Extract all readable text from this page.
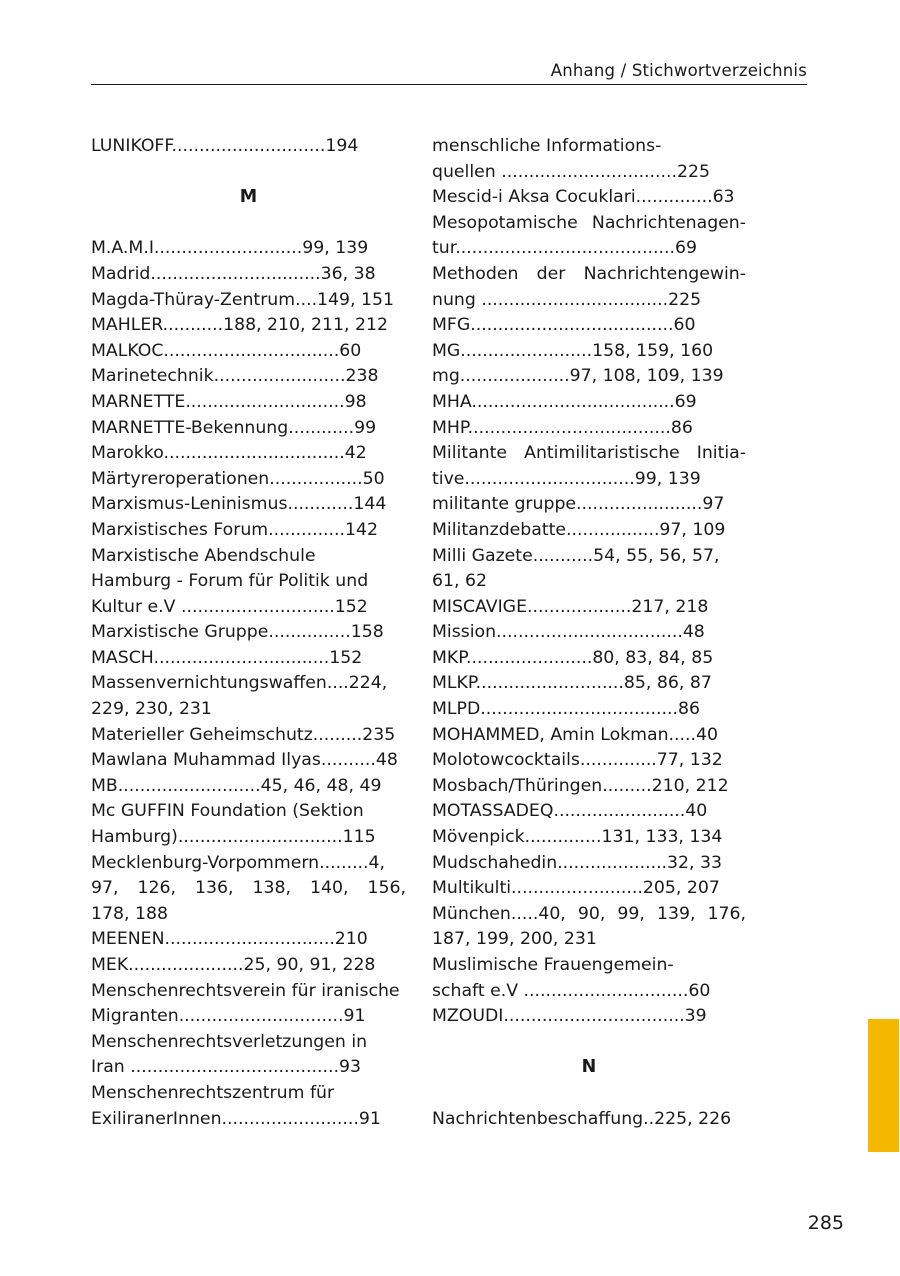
Anhang / Stichwortverzeichnis
LUNIKOFF............................194
M
M.A.M.I...........................99, 139
Madrid...............................36, 38
Magda-Thüray-Zentrum....149, 151
MAHLER...........188, 210, 211, 212
MALKOC................................60
Marinetechnik........................238
MARNETTE.............................98
MARNETTE-Bekennung............99
Marokko.................................42
Märtyreroperationen.................50
Marxismus-Leninismus............144
Marxistisches Forum..............142
Marxistische Abendschule
Hamburg - Forum für Politik und
Kultur e.V ............................152
Marxistische Gruppe...............158
MASCH................................152
Massenvernichtungswaffen....224,
229, 230, 231
Materieller Geheimschutz.........235
Mawlana Muhammad Ilyas..........48
MB..........................45, 46, 48, 49
Mc GUFFIN Foundation (Sektion
Hamburg)..............................115
Mecklenburg-Vorpommern.........4,
97, 126, 136, 138, 140, 156,
178, 188
MEENEN...............................210
MEK.....................25, 90, 91, 228
Menschenrechtsverein für iranische
Migranten..............................91
Menschenrechtsverletzungen in
Iran ......................................93
Menschenrechtszentrum für
ExiliranerInnen.........................91
menschliche Informations-
quellen ................................225
Mescid-i Aksa Cocuklari..............63
Mesopotamische Nachrichtenagen-
tur........................................69
Methoden der Nachrichtengewin-
nung ..................................225
MFG.....................................60
MG........................158, 159, 160
mg....................97, 108, 109, 139
MHA.....................................69
MHP.....................................86
Militante Antimilitaristische Initia-
tive...............................99, 139
militante gruppe.......................97
Militanzdebatte.................97, 109
Milli Gazete...........54, 55, 56, 57,
61, 62
MISCAVIGE...................217, 218
Mission..................................48
MKP.......................80, 83, 84, 85
MLKP...........................85, 86, 87
MLPD....................................86
MOHAMMED, Amin Lokman.....40
Molotowcocktails..............77, 132
Mosbach/Thüringen.........210, 212
MOTASSADEQ........................40
Mövenpick..............131, 133, 134
Mudschahedin....................32, 33
Multikulti........................205, 207
München.....40, 90, 99, 139, 176,
187, 199, 200, 231
Muslimische Frauengemein-
schaft e.V ..............................60
MZOUDI.................................39
N
Nachrichtenbeschaffung..225, 226
285
